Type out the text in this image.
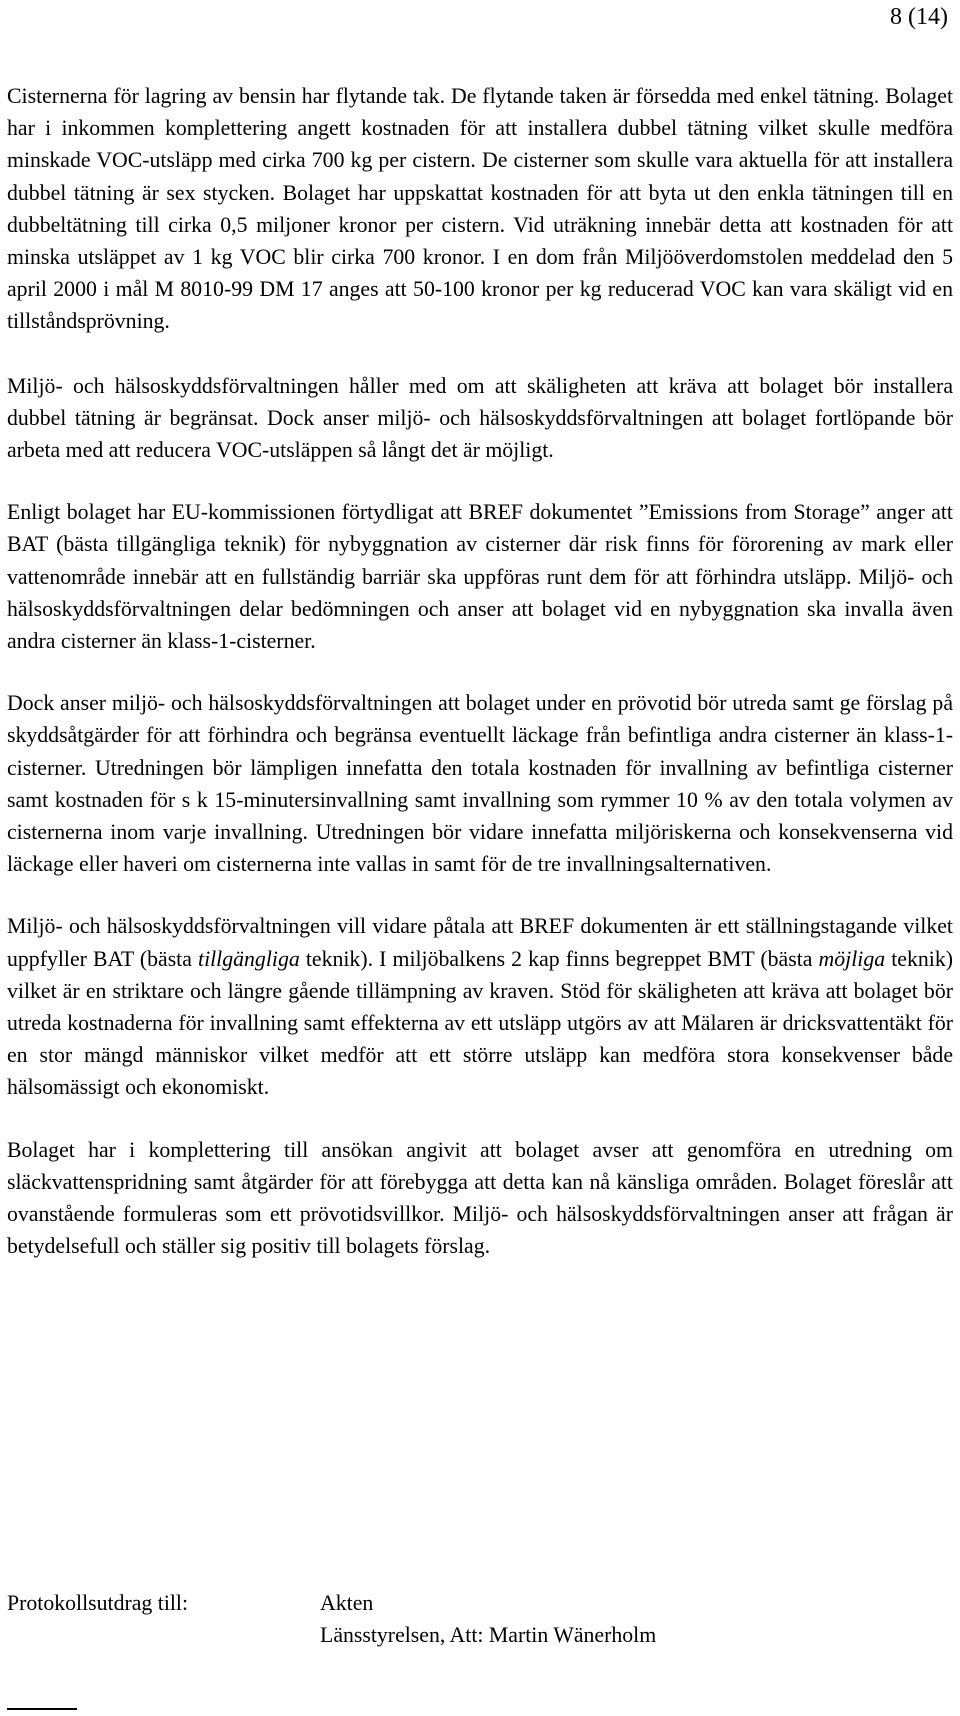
8 (14)

Cisternerna för lagring av bensin har flytande tak. De flytande taken är försedda med enkel tätning. Bolaget har i inkommen komplettering angett kostnaden för att installera dubbel tätning vilket skulle medföra minskade VOC-utsläpp med cirka 700 kg per cistern. De cisterner som skulle vara aktuella för att installera dubbel tätning är sex stycken. Bolaget har uppskattat kostnaden för att byta ut den enkla tätningen till en dubbeltätning till cirka 0,5 miljoner kronor per cistern. Vid uträkning innebär detta att kostnaden för att minska utsläppet av 1 kg VOC blir cirka 700 kronor. I en dom från Miljööverdomstolen meddelad den 5 april 2000 i mål M 8010-99 DM 17 anges att 50-100 kronor per kg reducerad VOC kan vara skäligt vid en tillståndsprövning.

Miljö- och hälsoskyddsförvaltningen håller med om att skäligheten att kräva att bolaget bör installera dubbel tätning är begränsat. Dock anser miljö- och hälsoskyddsförvaltningen att bolaget fortlöpande bör arbeta med att reducera VOC-utsläppen så långt det är möjligt.

Enligt bolaget har EU-kommissionen förtydligat att BREF dokumentet ”Emissions from Storage” anger att BAT (bästa tillgängliga teknik) för nybyggnation av cisterner där risk finns för förorening av mark eller vattenområde innebär att en fullständig barriär ska uppföras runt dem för att förhindra utsläpp. Miljö- och hälsoskyddsförvaltningen delar bedömningen och anser att bolaget vid en nybyggnation ska invalla även andra cisterner än klass-1-cisterner.

Dock anser miljö- och hälsoskyddsförvaltningen att bolaget under en prövotid bör utreda samt ge förslag på skyddsåtgärder för att förhindra och begränsa eventuellt läckage från befintliga andra cisterner än klass-1-cisterner. Utredningen bör lämpligen innefatta den totala kostnaden för invallning av befintliga cisterner samt kostnaden för s k 15-minutersinvallning samt invallning som rymmer 10 % av den totala volymen av cisternerna inom varje invallning. Utredningen bör vidare innefatta miljöriskerna och konsekvenserna vid läckage eller haveri om cisternerna inte vallas in samt för de tre invallningsalternativen.

Miljö- och hälsoskyddsförvaltningen vill vidare påtala att BREF dokumenten är ett ställningstagande vilket uppfyller BAT (bästa tillgängliga teknik). I miljöbalkens 2 kap finns begreppet BMT (bästa möjliga teknik) vilket är en striktare och längre gående tillämpning av kraven. Stöd för skäligheten att kräva att bolaget bör utreda kostnaderna för invallning samt effekterna av ett utsläpp utgörs av att Mälaren är dricksvattentäkt för en stor mängd människor vilket medför att ett större utsläpp kan medföra stora konsekvenser både hälsomässigt och ekonomiskt.

Bolaget har i komplettering till ansökan angivit att bolaget avser att genomföra en utredning om släckvattenspridning samt åtgärder för att förebygga att detta kan nå känsliga områden. Bolaget föreslår att ovanstående formuleras som ett prövotidsvillkor. Miljö- och hälsoskyddsförvaltningen anser att frågan är betydelsefull och ställer sig positiv till bolagets förslag.

Protokollsutdrag till:	Akten
Länsstyrelsen, Att: Martin Wänerholm
